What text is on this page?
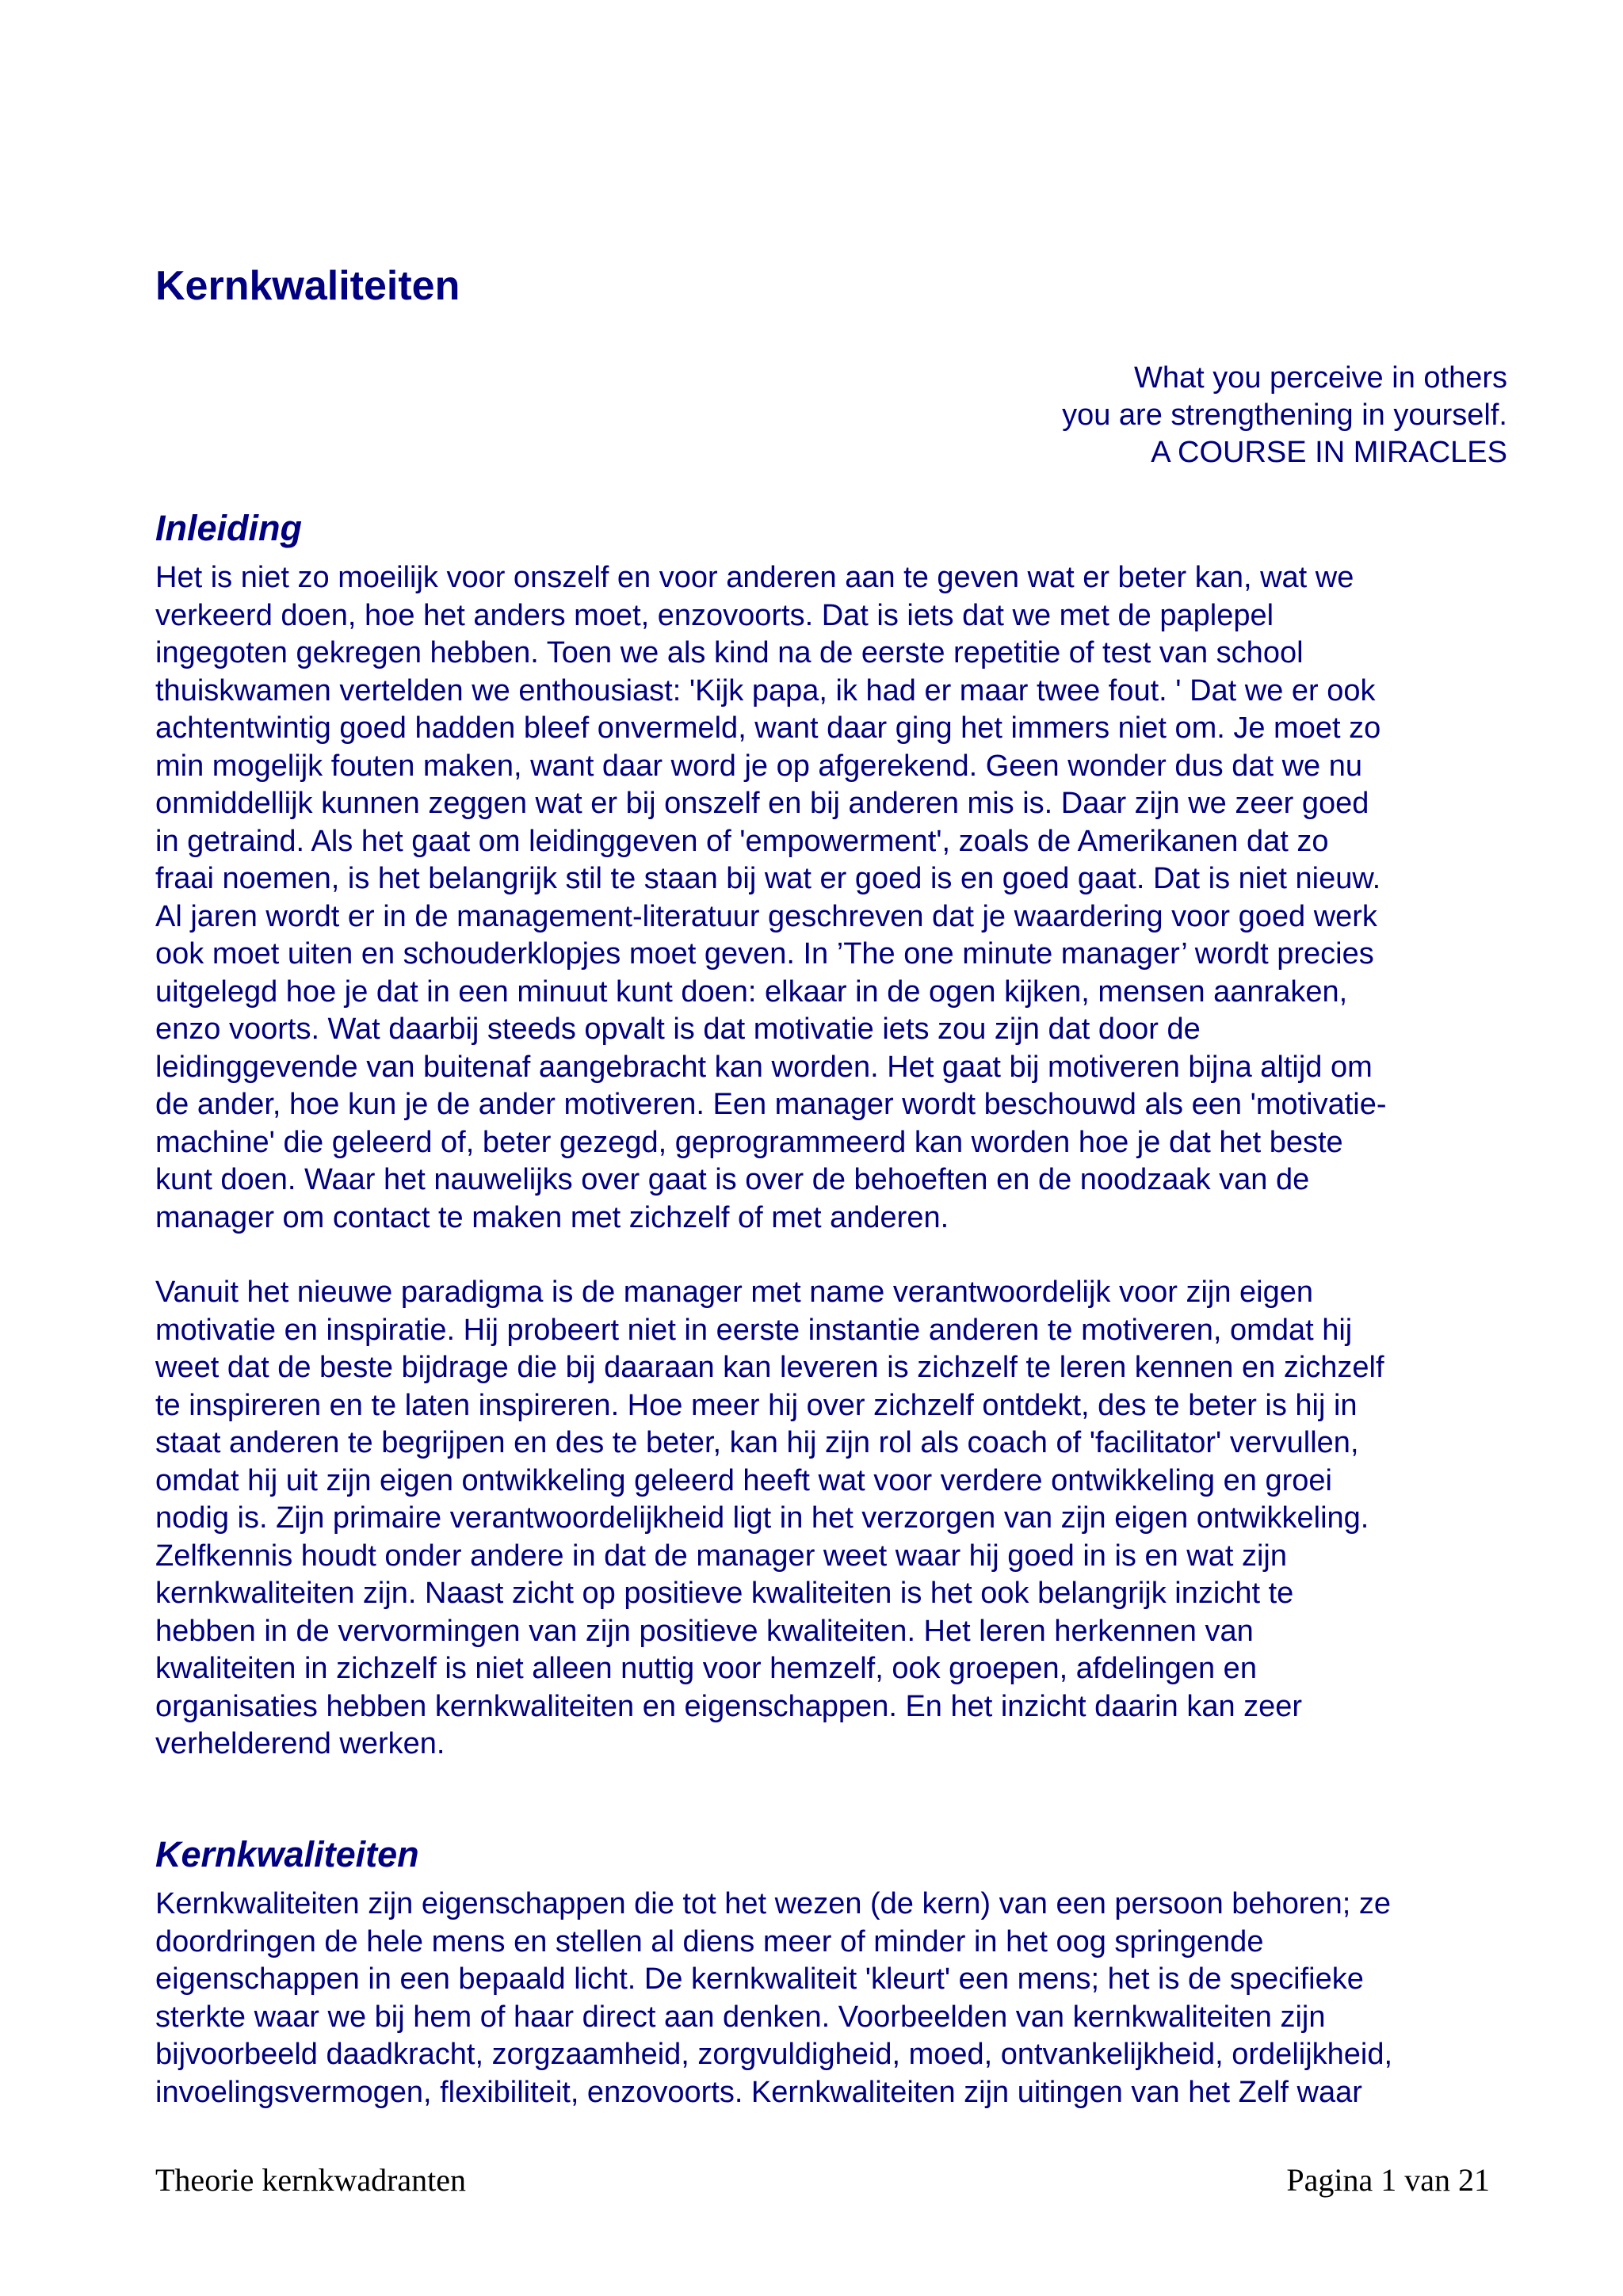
Kernkwaliteiten
What you perceive in others
you are strengthening in yourself.
A COURSE IN MIRACLES
Inleiding
Het is niet zo moeilijk voor onszelf en voor anderen aan te geven wat er beter kan, wat we
verkeerd doen, hoe het anders moet, enzovoorts. Dat is iets dat we met de paplepel
ingegoten gekregen hebben. Toen we als kind na de eerste repetitie of test van school
thuiskwamen vertelden we enthousiast: 'Kijk papa, ik had er maar twee fout. ' Dat we er ook
achtentwintig goed hadden bleef onvermeld, want daar ging het immers niet om. Je moet zo
min mogelijk fouten maken, want daar word je op afgerekend. Geen wonder dus dat we nu
onmiddellijk kunnen zeggen wat er bij onszelf en bij anderen mis is. Daar zijn we zeer goed
in getraind. Als het gaat om leidinggeven of 'empowerment', zoals de Amerikanen dat zo
fraai noemen, is het belangrijk stil te staan bij wat er goed is en goed gaat. Dat is niet nieuw.
Al jaren wordt er in de management-literatuur geschreven dat je waardering voor goed werk
ook moet uiten en schouderklopjes moet geven. In ’The one minute manager’ wordt precies
uitgelegd hoe je dat in een minuut kunt doen: elkaar in de ogen kijken, mensen aanraken,
enzo voorts. Wat daarbij steeds opvalt is dat motivatie iets zou zijn dat door de
leidinggevende van buitenaf aangebracht kan worden. Het gaat bij motiveren bijna altijd om
de ander, hoe kun je de ander motiveren. Een manager wordt beschouwd als een 'motivatie-
machine' die geleerd of, beter gezegd, geprogrammeerd kan worden hoe je dat het beste
kunt doen. Waar het nauwelijks over gaat is over de behoeften en de noodzaak van de
manager om contact te maken met zichzelf of met anderen.
Vanuit het nieuwe paradigma is de manager met name verantwoordelijk voor zijn eigen
motivatie en inspiratie. Hij probeert niet in eerste instantie anderen te motiveren, omdat hij
weet dat de beste bijdrage die bij daaraan kan leveren is zichzelf te leren kennen en zichzelf
te inspireren en te laten inspireren. Hoe meer hij over zichzelf ontdekt, des te beter is hij in
staat anderen te begrijpen en des te beter, kan hij zijn rol als coach of 'facilitator' vervullen,
omdat hij uit zijn eigen ontwikkeling geleerd heeft wat voor verdere ontwikkeling en groei
nodig is. Zijn primaire verantwoordelijkheid ligt in het verzorgen van zijn eigen ontwikkeling.
Zelfkennis houdt onder andere in dat de manager weet waar hij goed in is en wat zijn
kernkwaliteiten zijn. Naast zicht op positieve kwaliteiten is het ook belangrijk inzicht te
hebben in de vervormingen van zijn positieve kwaliteiten. Het leren herkennen van
kwaliteiten in zichzelf is niet alleen nuttig voor hemzelf, ook groepen, afdelingen en
organisaties hebben kernkwaliteiten en eigenschappen. En het inzicht daarin kan zeer
verhelderend werken.
Kernkwaliteiten
Kernkwaliteiten zijn eigenschappen die tot het wezen (de kern) van een persoon behoren; ze
doordringen de hele mens en stellen al diens meer of minder in het oog springende
eigenschappen in een bepaald licht. De kernkwaliteit 'kleurt' een mens; het is de specifieke
sterkte waar we bij hem of haar direct aan denken. Voorbeelden van kernkwaliteiten zijn
bijvoorbeeld daadkracht, zorgzaamheid, zorgvuldigheid, moed, ontvankelijkheid, ordelijkheid,
invoelingsvermogen, flexibiliteit, enzovoorts. Kernkwaliteiten zijn uitingen van het Zelf waar
Theorie kernkwadranten	Pagina 1 van 21
